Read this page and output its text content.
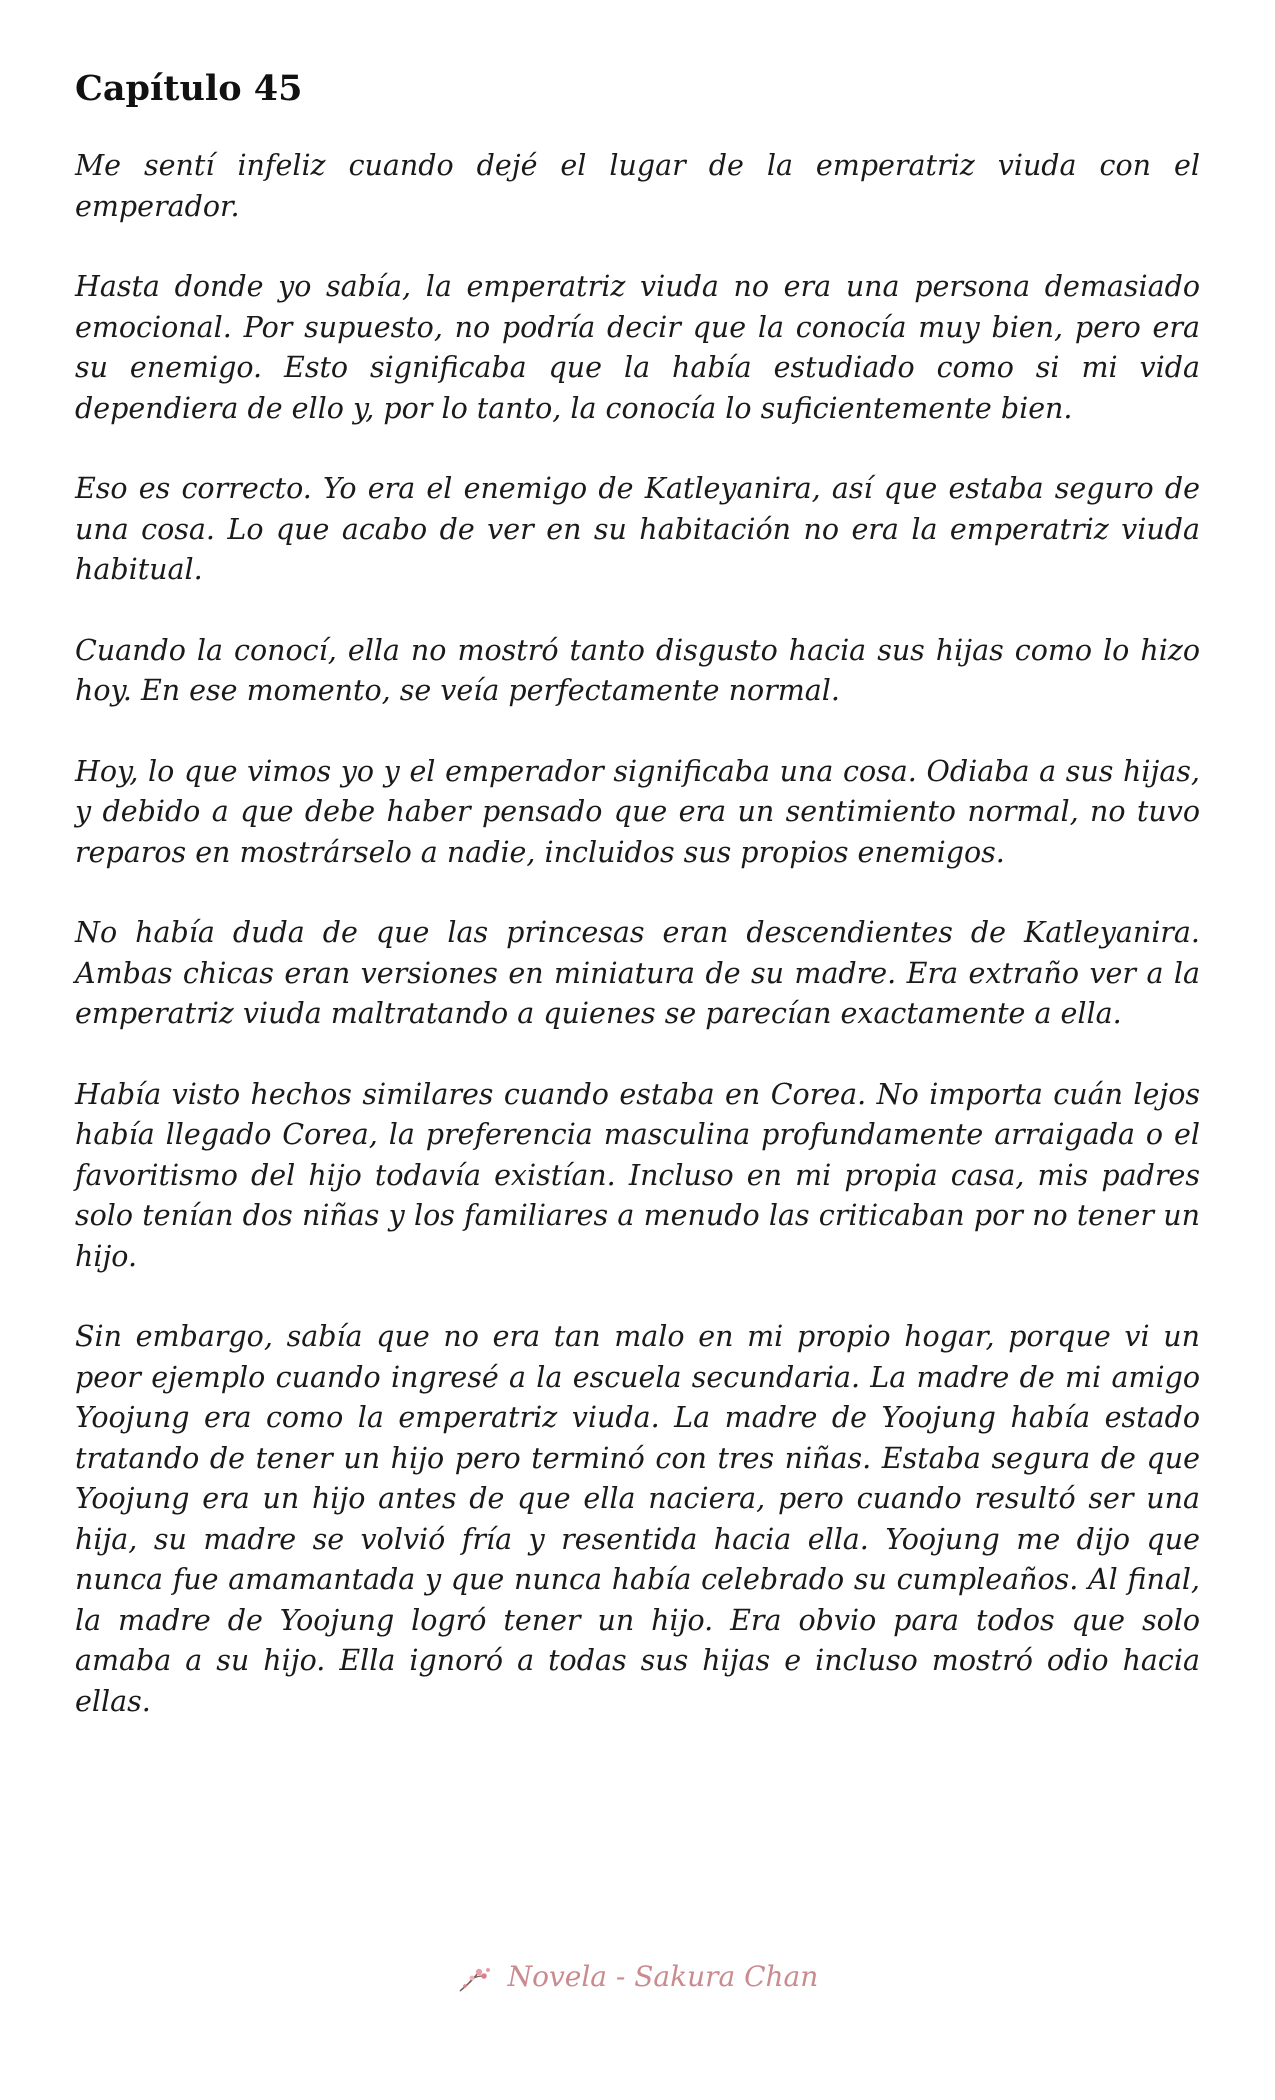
Capítulo 45

Me sentí infeliz cuando dejé el lugar de la emperatriz viuda con el emperador.

Hasta donde yo sabía, la emperatriz viuda no era una persona demasiado emocional. Por supuesto, no podría decir que la conocía muy bien, pero era su enemigo. Esto significaba que la había estudiado como si mi vida dependiera de ello y, por lo tanto, la conocía lo suficientemente bien.

Eso es correcto. Yo era el enemigo de Katleyanira, así que estaba seguro de una cosa. Lo que acabo de ver en su habitación no era la emperatriz viuda habitual.

Cuando la conocí, ella no mostró tanto disgusto hacia sus hijas como lo hizo hoy. En ese momento, se veía perfectamente normal.

Hoy, lo que vimos yo y el emperador significaba una cosa. Odiaba a sus hijas, y debido a que debe haber pensado que era un sentimiento normal, no tuvo reparos en mostrárselo a nadie, incluidos sus propios enemigos.

No había duda de que las princesas eran descendientes de Katleyanira. Ambas chicas eran versiones en miniatura de su madre. Era extraño ver a la emperatriz viuda maltratando a quienes se parecían exactamente a ella.

Había visto hechos similares cuando estaba en Corea. No importa cuán lejos había llegado Corea, la preferencia masculina profundamente arraigada o el favoritismo del hijo todavía existían. Incluso en mi propia casa, mis padres solo tenían dos niñas y los familiares a menudo las criticaban por no tener un hijo.

Sin embargo, sabía que no era tan malo en mi propio hogar, porque vi un peor ejemplo cuando ingresé a la escuela secundaria. La madre de mi amigo Yoojung era como la emperatriz viuda. La madre de Yoojung había estado tratando de tener un hijo pero terminó con tres niñas. Estaba segura de que Yoojung era un hijo antes de que ella naciera, pero cuando resultó ser una hija, su madre se volvió fría y resentida hacia ella. Yoojung me dijo que nunca fue amamantada y que nunca había celebrado su cumpleaños. Al final, la madre de Yoojung logró tener un hijo. Era obvio para todos que solo amaba a su hijo. Ella ignoró a todas sus hijas e incluso mostró odio hacia ellas.

Novela - Sakura Chan
